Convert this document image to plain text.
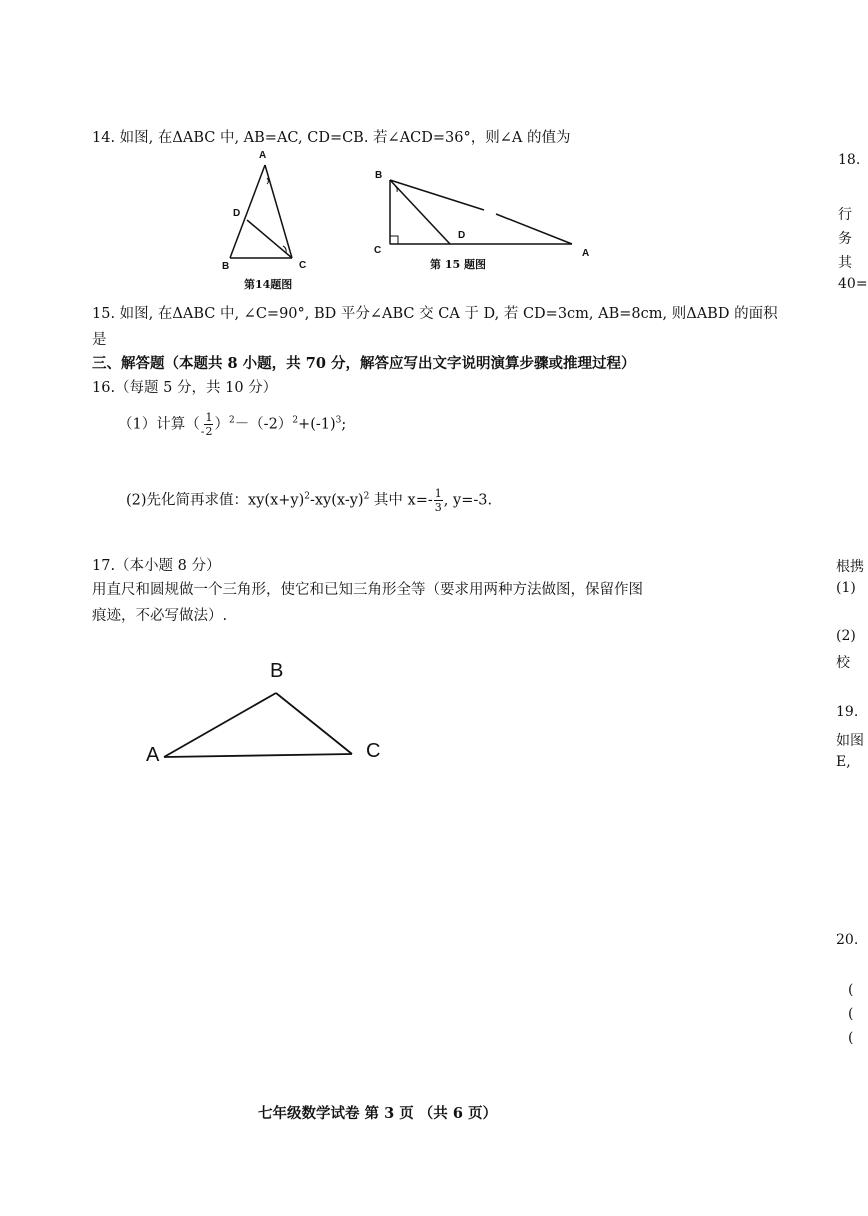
14. 如图, 在ΔABC 中, AB=AC, CD=CB. 若∠ACD=36°，则∠A 的值为
A
D
B	C
第14题图
B
C
D
A
第 15 题图
15. 如图, 在ΔABC 中, ∠C=90°, BD 平分∠ABC 交 CA 于 D, 若 CD=3cm, AB=8cm, 则ΔABD 的面积
是
三、解答题（本题共 8 小题，共 70 分，解答应写出文字说明演算步骤或推理过程）
16.（每题 5 分，共 10 分）
（1）计算（- $\frac{1}{2} )^2-(-2)^2+(-1)^3$;
(2)先化简再求值：$xy(x+y)^2-xy(x-y)^2$ 其中 $x=- \frac{1}{3}$ , y=-3.
17.（本小题 8 分）
用直尺和圆规做一个三角形，使它和已知三角形全等（要求用两种方法做图，保留作图
痕迹，不必写做法）.
B
A	C
18.
行
务
其
40=
根携
(1)
(2)
校
19.
如图
E,
20.
(
(
(
七年级数学试卷 第 3 页 （共 6 页）
